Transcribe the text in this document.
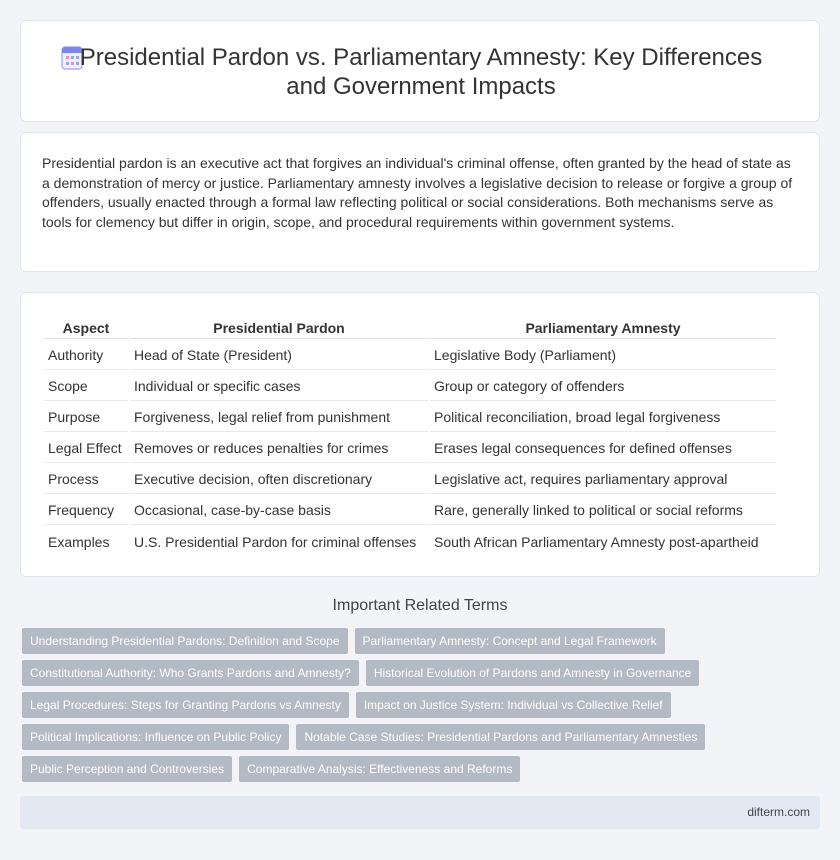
Presidential Pardon vs. Parliamentary Amnesty: Key Differences and Government Impacts

Presidential pardon is an executive act that forgives an individual's criminal offense, often granted by the head of state as a demonstration of mercy or justice. Parliamentary amnesty involves a legislative decision to release or forgive a group of offenders, usually enacted through a formal law reflecting political or social considerations. Both mechanisms serve as tools for clemency but differ in origin, scope, and procedural requirements within government systems.

Aspect	Presidential Pardon	Parliamentary Amnesty
Authority	Head of State (President)	Legislative Body (Parliament)
Scope	Individual or specific cases	Group or category of offenders
Purpose	Forgiveness, legal relief from punishment	Political reconciliation, broad legal forgiveness
Legal Effect	Removes or reduces penalties for crimes	Erases legal consequences for defined offenses
Process	Executive decision, often discretionary	Legislative act, requires parliamentary approval
Frequency	Occasional, case-by-case basis	Rare, generally linked to political or social reforms
Examples	U.S. Presidential Pardon for criminal offenses	South African Parliamentary Amnesty post-apartheid
Important Related Terms
Understanding Presidential Pardons: Definition and Scope	Parliamentary Amnesty: Concept and Legal Framework
Constitutional Authority: Who Grants Pardons and Amnesty?	Historical Evolution of Pardons and Amnesty in Governance
Legal Procedures: Steps for Granting Pardons vs Amnesty	Impact on Justice System: Individual vs Collective Relief
Political Implications: Influence on Public Policy	Notable Case Studies: Presidential Pardons and Parliamentary Amnesties
Public Perception and Controversies	Comparative Analysis: Effectiveness and Reforms
difterm.com
